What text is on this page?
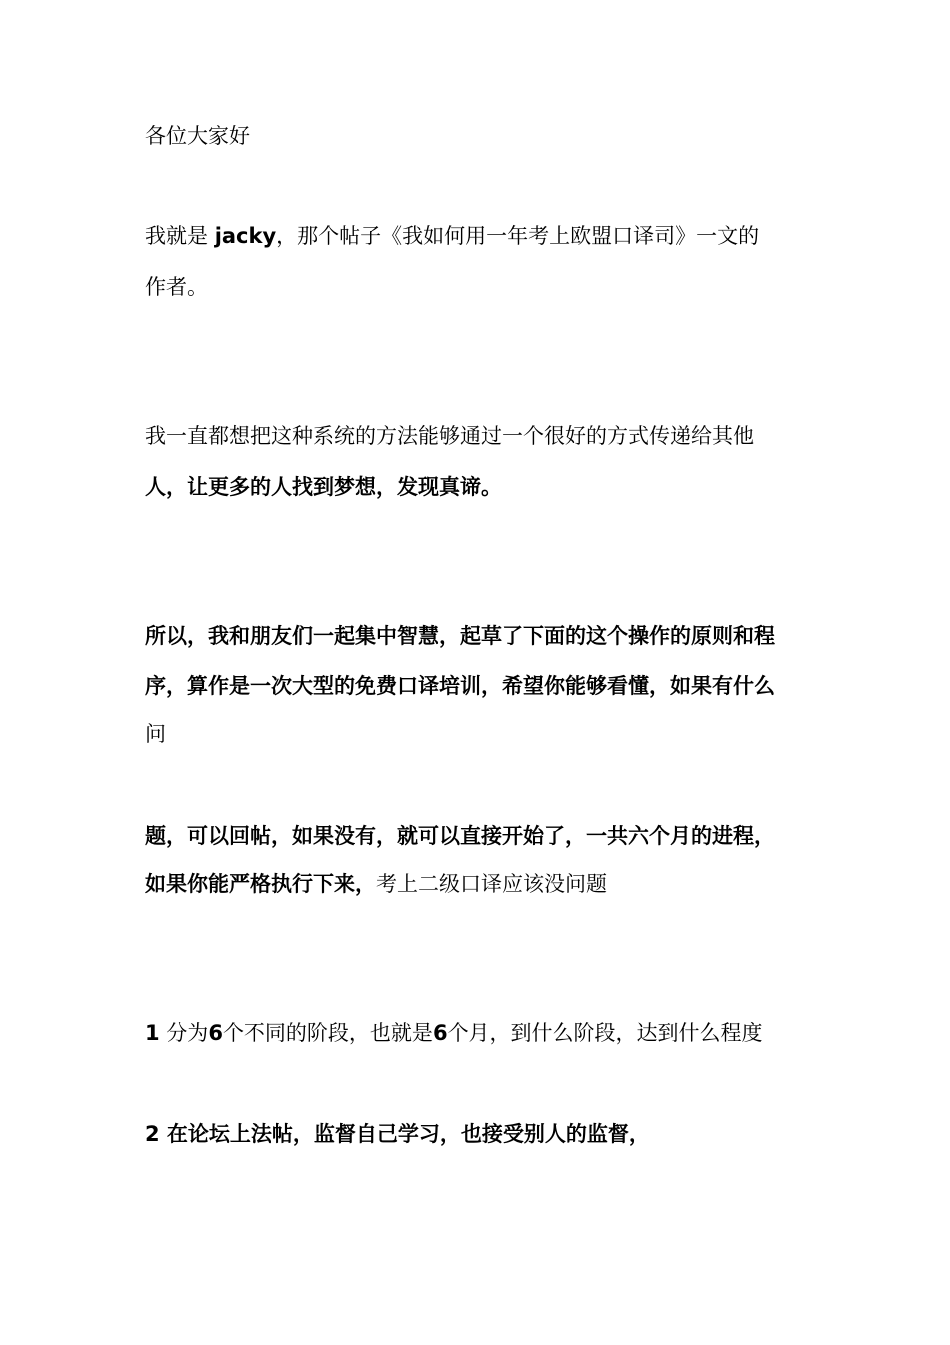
各位大家好
我就是 jacky，那个帖子《我如何用一年考上欧盟口译司》一文的
作者。
我一直都想把这种系统的方法能够通过一个很好的方式传递给其他
人，让更多的人找到梦想，发现真谛。
所以，我和朋友们一起集中智慧，起草了下面的这个操作的原则和程
序，算作是一次大型的免费口译培训，希望你能够看懂，如果有什么
问
题，可以回帖，如果没有，就可以直接开始了，一共六个月的进程，
如果你能严格执行下来，考上二级口译应该没问题
1 分为6个不同的阶段，也就是6个月，到什么阶段，达到什么程度
2 在论坛上法帖，监督自己学习，也接受别人的监督，
